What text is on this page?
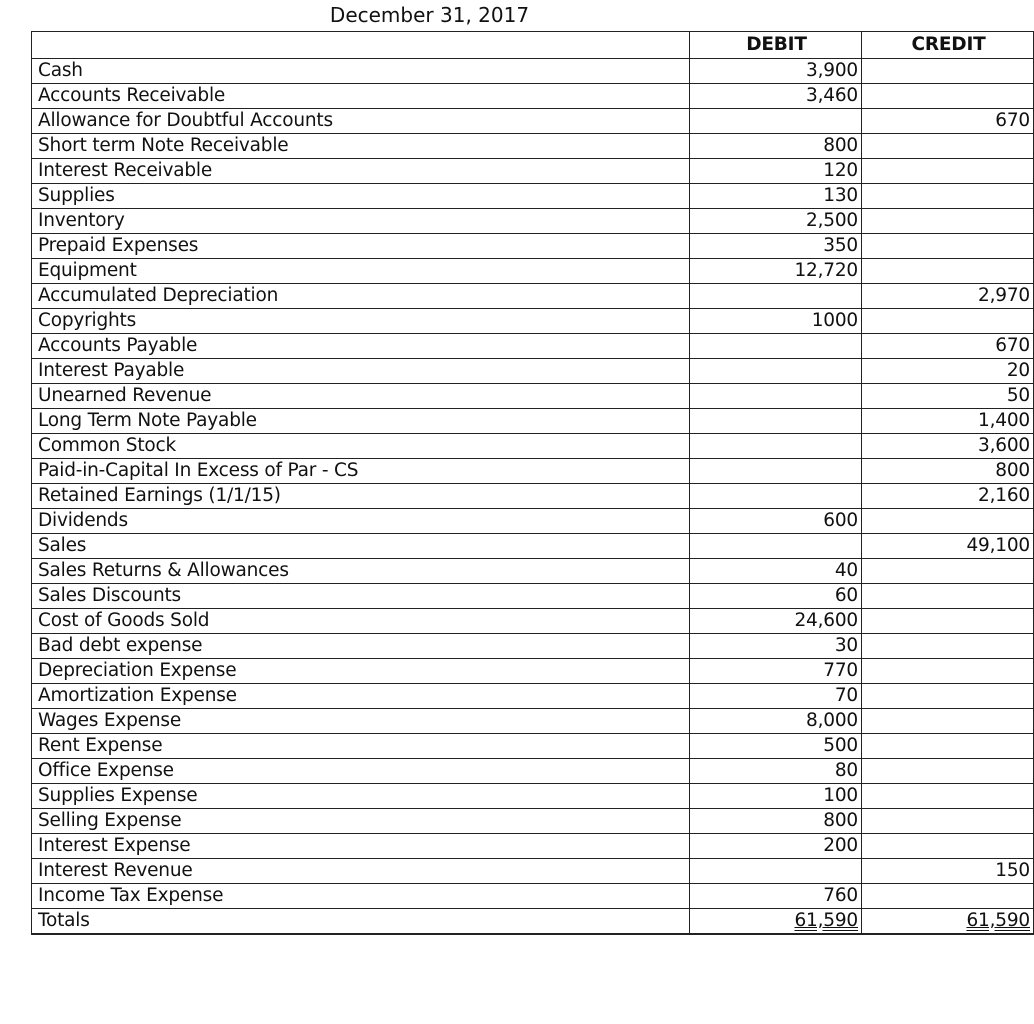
December 31, 2017
	DEBIT	CREDIT
Cash	3,900	
Accounts Receivable	3,460	
Allowance for Doubtful Accounts		670
Short term Note Receivable	800	
Interest Receivable	120	
Supplies	130	
Inventory	2,500	
Prepaid Expenses	350	
Equipment	12,720	
Accumulated Depreciation		2,970
Copyrights	1000	
Accounts Payable		670
Interest Payable		20
Unearned Revenue		50
Long Term Note Payable		1,400
Common Stock		3,600
Paid-in-Capital In Excess of Par - CS		800
Retained Earnings (1/1/15)		2,160
Dividends	600	
Sales		49,100
Sales Returns & Allowances	40	
Sales Discounts	60	
Cost of Goods Sold	24,600	
Bad debt expense	30	
Depreciation Expense	770	
Amortization Expense	70	
Wages Expense	8,000	
Rent Expense	500	
Office Expense	80	
Supplies Expense	100	
Selling Expense	800	
Interest Expense	200	
Interest Revenue		150
Income Tax Expense	760	
Totals	61,590	61,590
